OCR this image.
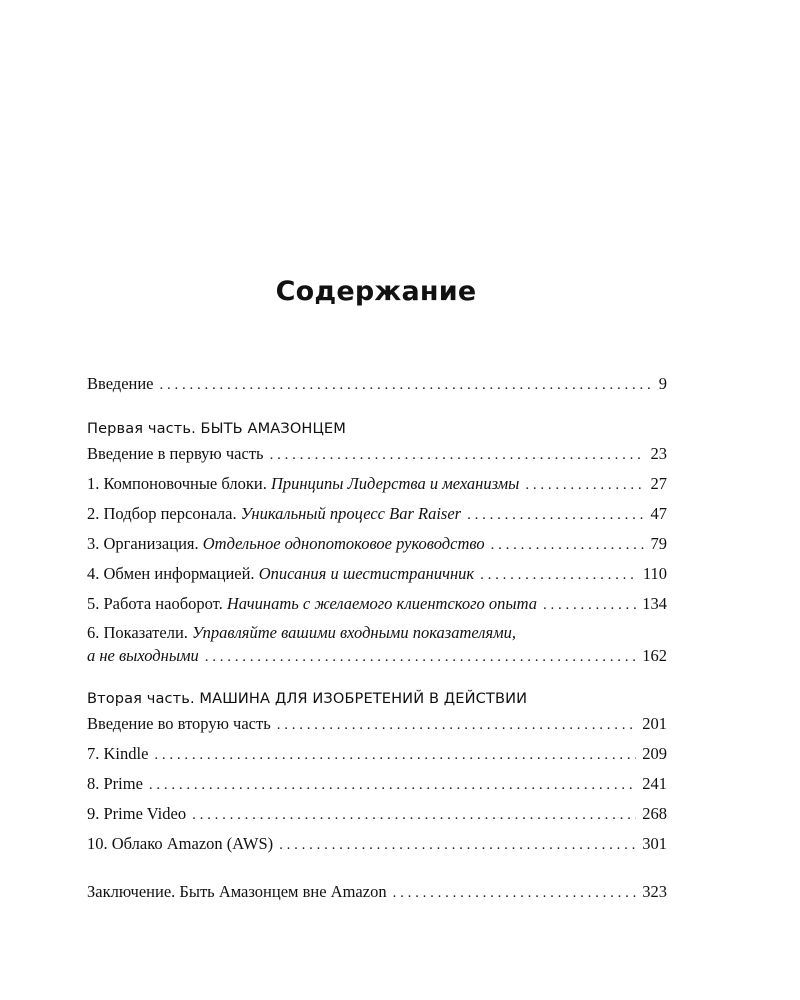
Содержание
Введение . . .	9
Первая часть. БЫТЬ АМАЗОНЦЕМ
Введение в первую часть . . .	23
1. Компоновочные блоки. Принципы Лидерства и механизмы . . .	27
2. Подбор персонала. Уникальный процесс Bar Raiser . . .	47
3. Организация. Отдельное однопотоковое руководство . . .	79
4. Обмен информацией. Описания и шестистраничник . . .	110
5. Работа наоборот. Начинать с желаемого клиентского опыта . . .	134
6. Показатели. Управляйте вашими входными показателями,
а не выходными . . .	162
Вторая часть. МАШИНА ДЛЯ ИЗОБРЕТЕНИЙ В ДЕЙСТВИИ
Введение во вторую часть . . .	201
7. Kindle . . .	209
8. Prime . . .	241
9. Prime Video . . .	268
10. Облако Amazon (AWS) . . .	301
Заключение. Быть Амазонцем вне Amazon . . .	323
